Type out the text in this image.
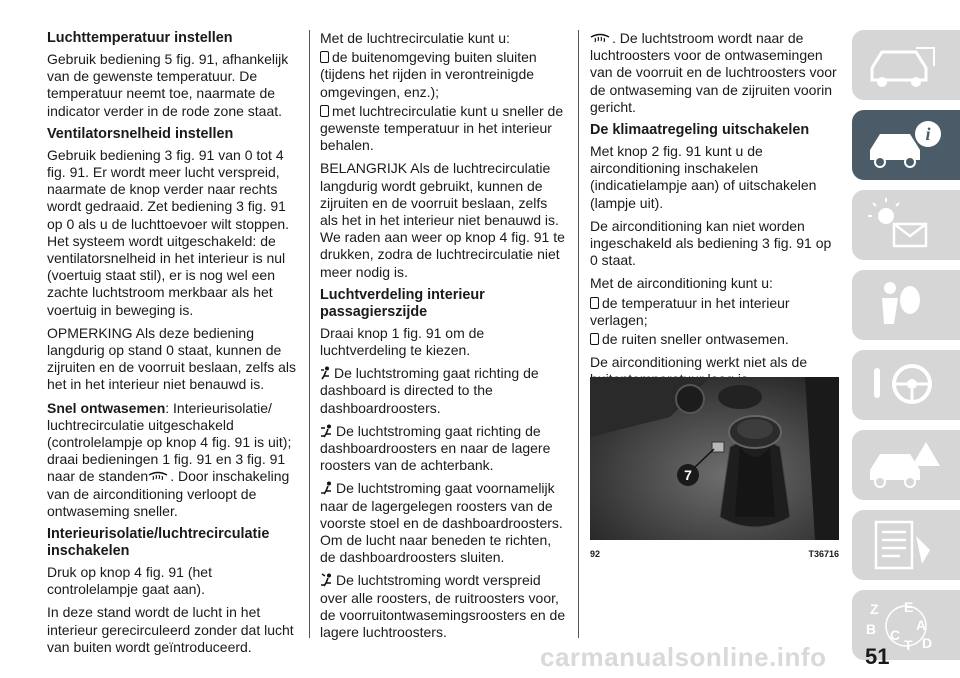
Luchttemperatuur instellen

Gebruik bediening 5 fig. 91, afhankelijk van de gewenste temperatuur. De temperatuur neemt toe, naarmate de indicator verder in de rode zone staat.

Ventilatorsnelheid instellen

Gebruik bediening 3 fig. 91 van 0 tot 4 fig. 91. Er wordt meer lucht verspreid, naarmate de knop verder naar rechts wordt gedraaid. Zet bediening 3 fig. 91 op 0 als u de luchttoevoer wilt stoppen. Het systeem wordt uitgeschakeld: de ventilatorsnelheid in het interieur is nul (voertuig staat stil), er is nog wel een zachte luchtstroom merkbaar als het voertuig in beweging is.

OPMERKING Als deze bediening langdurig op stand 0 staat, kunnen de zijruiten en de voorruit beslaan, zelfs als het in het interieur niet benauwd is.

Snel ontwasemen: Interieurisolatie/ luchtrecirculatie uitgeschakeld (controlelampje op knop 4 fig. 91 is uit); draai bedieningen 1 fig. 91 en 3 fig. 91 naar de standen . Door inschakeling van de airconditioning verloopt de ontwaseming sneller.

Interieurisolatie/luchtrecirculatie inschakelen

Druk op knop 4 fig. 91 (het controlelampje gaat aan).

In deze stand wordt de lucht in het interieur gerecirculeerd zonder dat lucht van buiten wordt geïntroduceerd.

Met de luchtrecirculatie kunt u:

de buitenomgeving buiten sluiten (tijdens het rijden in verontreinigde omgevingen, enz.);

met luchtrecirculatie kunt u sneller de gewenste temperatuur in het interieur behalen.

BELANGRIJK Als de luchtrecirculatie langdurig wordt gebruikt, kunnen de zijruiten en de voorruit beslaan, zelfs als het in het interieur niet benauwd is. We raden aan weer op knop 4 fig. 91 te drukken, zodra de luchtrecirculatie niet meer nodig is.

Luchtverdeling interieur passagierszijde

Draai knop 1 fig. 91 om de luchtverdeling te kiezen.

De luchtstroming gaat richting de dashboard is directed to the dashboardroosters.

De luchtstroming gaat richting de dashboardroosters en naar de lagere roosters van de achterbank.

De luchtstroming gaat voornamelijk naar de lagergelegen roosters van de voorste stoel en de dashboardroosters. Om de lucht naar beneden te richten, de dashboardroosters sluiten.

De luchtstroming wordt verspreid over alle roosters, de ruitroosters voor, de voorruitontwasemingsroosters en de lagere luchtroosters.

. De luchtstroom wordt naar de luchtroosters voor de ontwasemingen van de voorruit en de luchtroosters voor de ontwaseming van de zijruiten voorin gericht.

De klimaatregeling uitschakelen

Met knop 2 fig. 91 kunt u de airconditioning inschakelen (indicatielampje aan) of uitschakelen (lampje uit).

De airconditioning kan niet worden ingeschakeld als bediening 3 fig. 91 op 0 staat.

Met de airconditioning kunt u:

de temperatuur in het interieur verlagen;

de ruiten sneller ontwasemen.

De airconditioning werkt niet als de

7
92	T36716
i
Z E
B	A
C D
T
carmanualsonline.info 51
